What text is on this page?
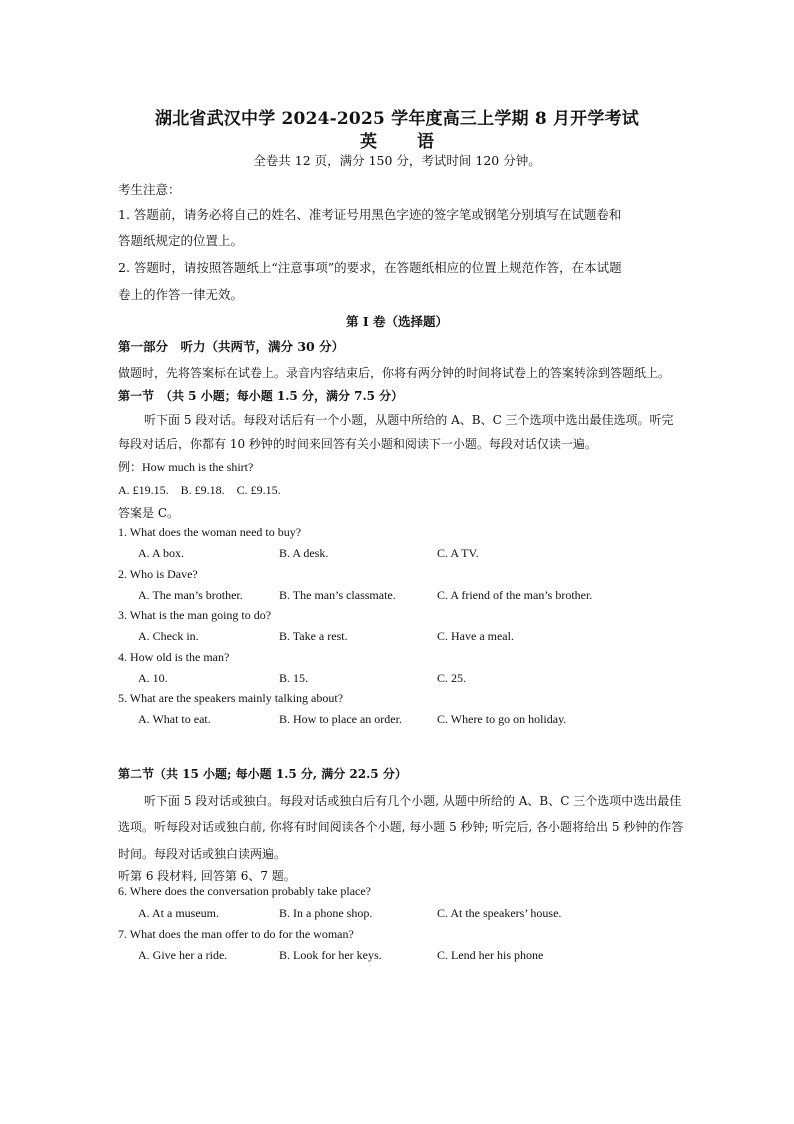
湖北省武汉中学 2024-2025 学年度高三上学期 8 月开学考试
英 语
全卷共 12 页，满分 150 分，考试时间 120 分钟。
考生注意：
1. 答题前，请务必将自己的姓名、准考证号用黑色字迹的签字笔或钢笔分别填写在试题卷和
答题纸规定的位置上。
2. 答题时，请按照答题纸上“注意事项”的要求，在答题纸相应的位置上规范作答，在本试题
卷上的作答一律无效。
第 I 卷（选择题）
第一部分　听力（共两节，满分 30 分）
做题时，先将答案标在试卷上。录音内容结束后，你将有两分钟的时间将试卷上的答案转涂到答题纸上。
第一节　（共 5 小题；每小题 1.5 分，满分 7.5 分）
听下面 5 段对话。每段对话后有一个小题，从题中所给的 A、B、C 三个选项中选出最佳选项。听完
每段对话后，你都有 10 秒钟的时间来回答有关小题和阅读下一小题。每段对话仅读一遍。
例：How much is the shirt?
A. £19.15.　B. £9.18.　C. £9.15.
答案是 C。
1. What does the woman need to buy?
A. A box.	B. A desk.	C. A TV.
2. Who is Dave?
A. The man’s brother.	B. The man’s classmate.	C. A friend of the man’s brother.
3. What is the man going to do?
A. Check in.	B. Take a rest.	C. Have a meal.
4. How old is the man?
A. 10.	B. 15.	C. 25.
5. What are the speakers mainly talking about?
A. What to eat.	B. How to place an order.	C. Where to go on holiday.
第二节（共 15 小题; 每小题 1.5 分, 满分 22.5 分）
听下面 5 段对话或独白。每段对话或独白后有几个小题, 从题中所给的 A、B、C 三个选项中选出最佳
选项。听每段对话或独白前, 你将有时间阅读各个小题, 每小题 5 秒钟; 听完后, 各小题将给出 5 秒钟的作答
时间。每段对话或独白读两遍。
听第 6 段材料, 回答第 6、7 题。
6. Where does the conversation probably take place?
A. At a museum.	B. In a phone shop.	C. At the speakers’ house.
7. What does the man offer to do for the woman?
A. Give her a ride.	B. Look for her keys.	C. Lend her his phone
